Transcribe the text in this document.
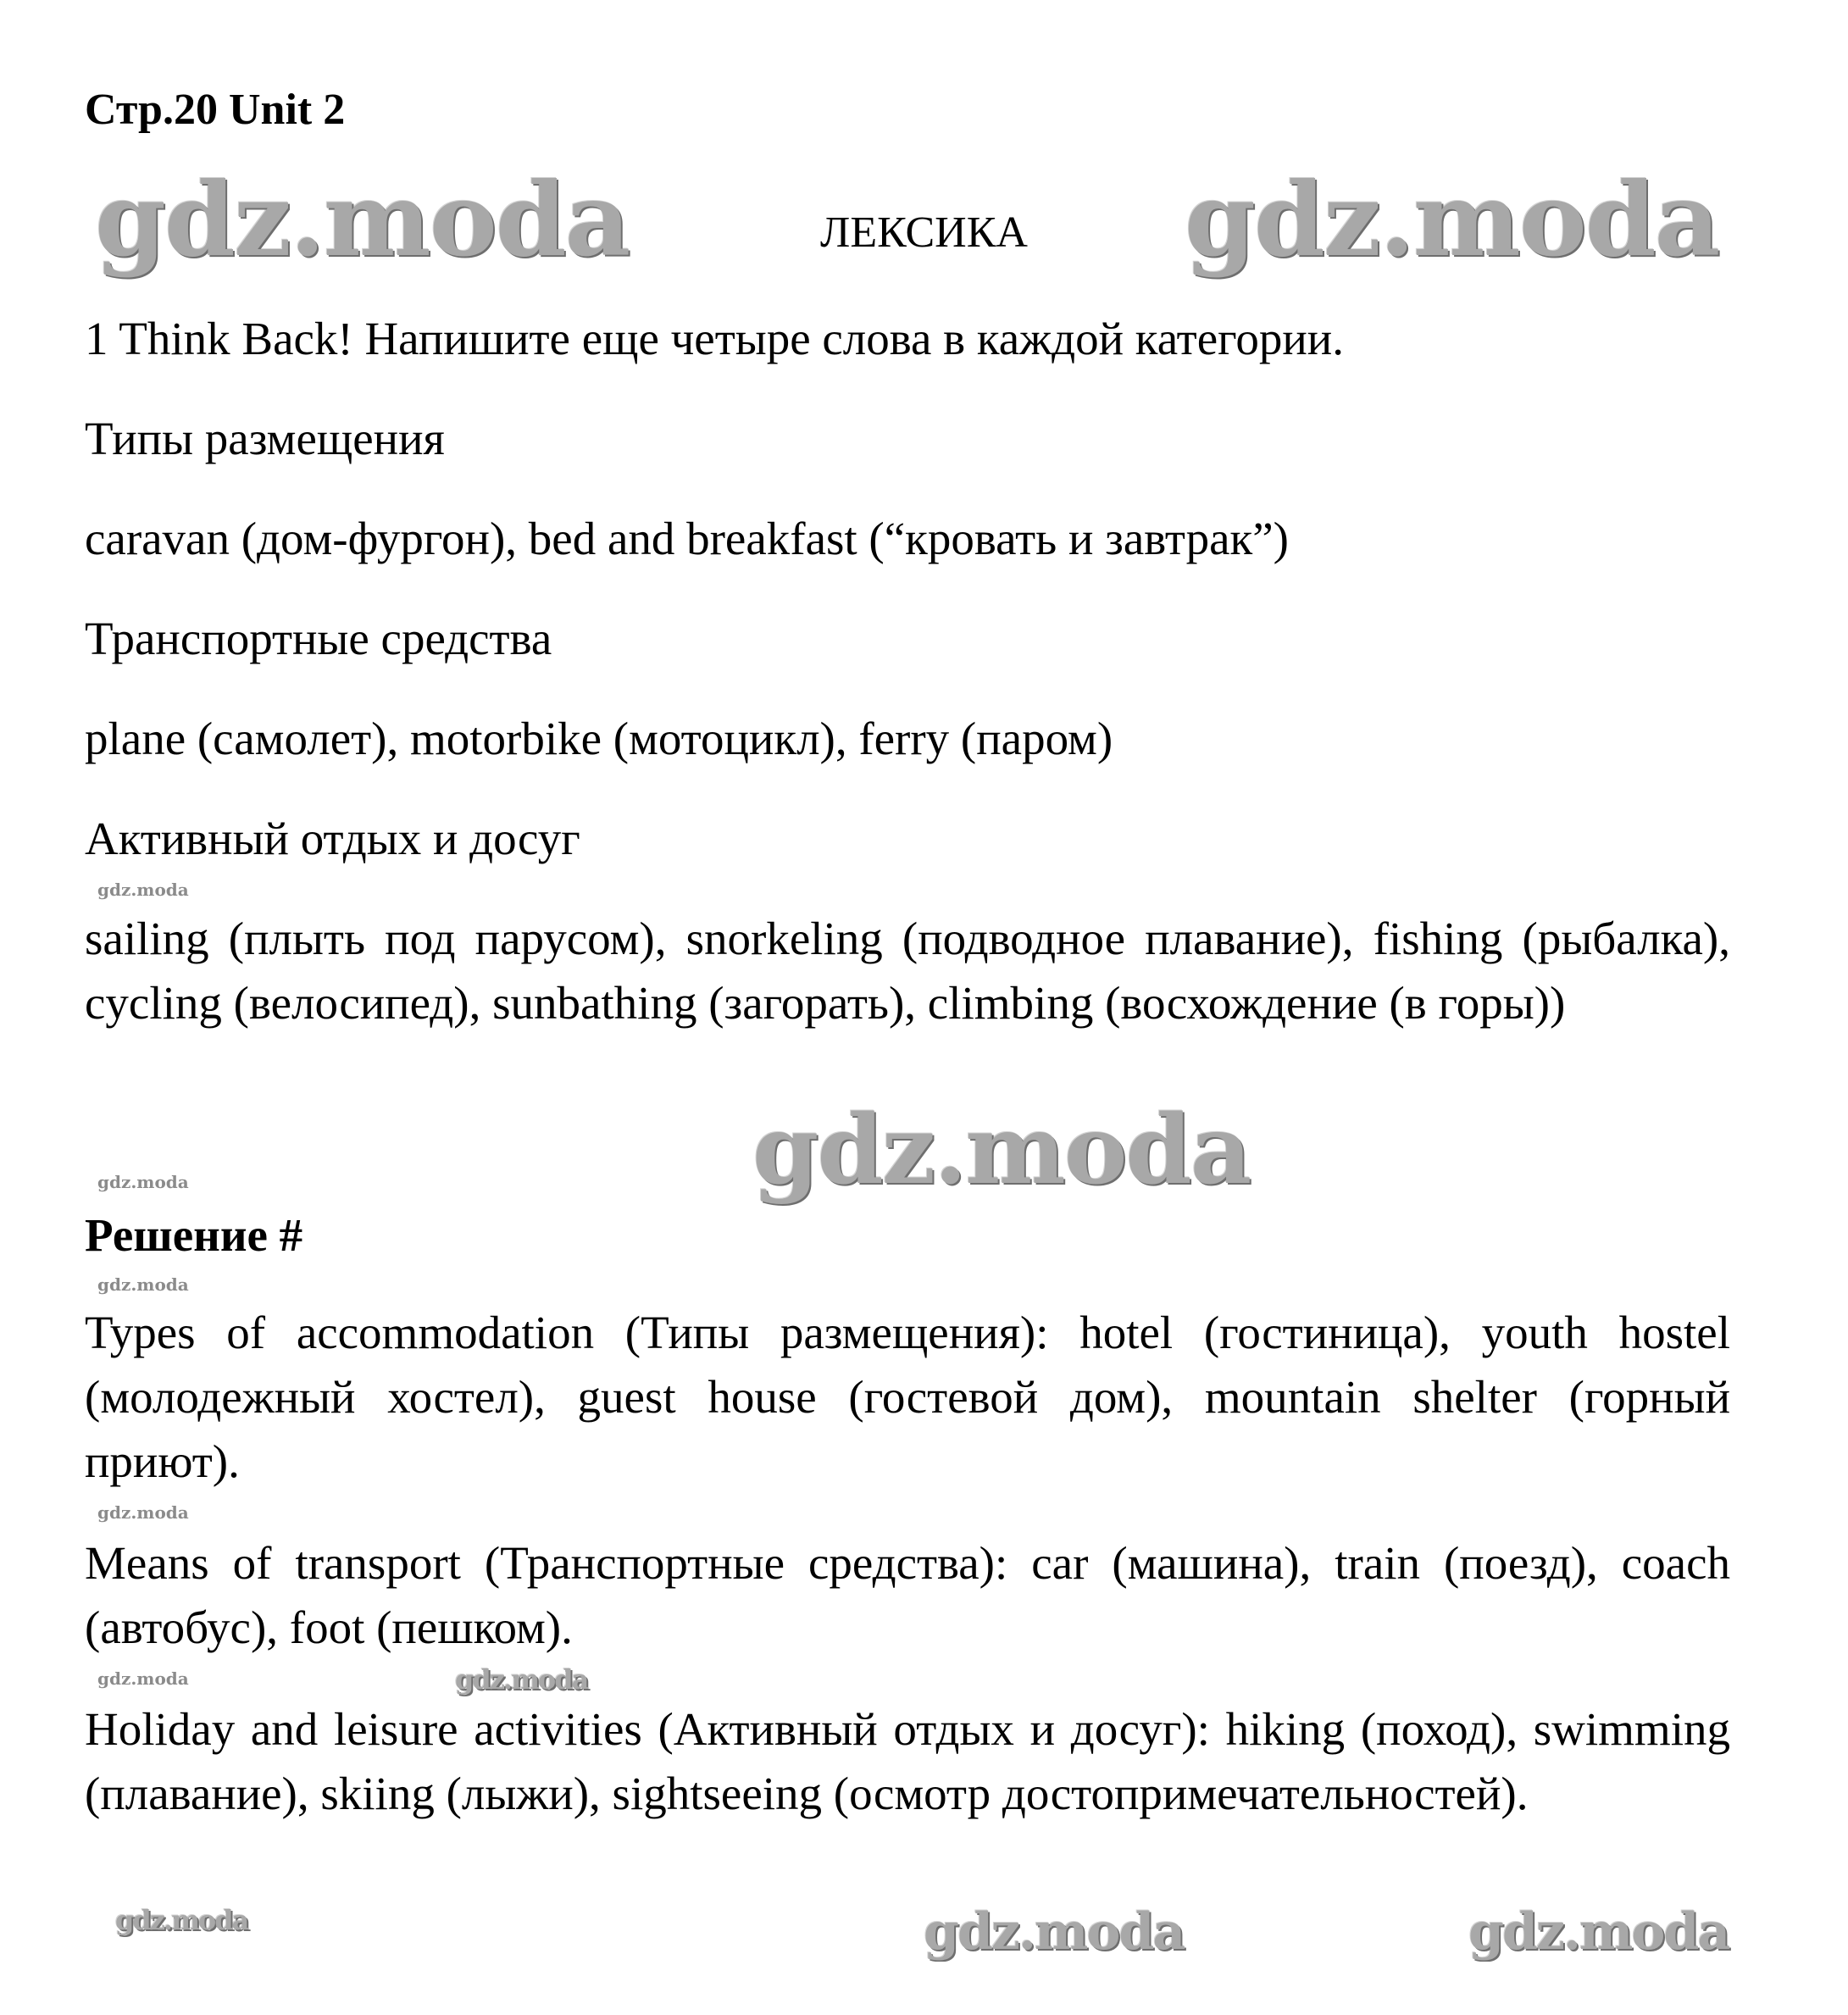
Стр.20 Unit 2
ЛЕКСИКА
1 Think Back! Напишите еще четыре слова в каждой категории.
Типы размещения
caravan (дом-фургон), bed and breakfast (“кровать и завтрак”)
Транспортные средства
plane (самолет), motorbike (мотоцикл), ferry (паром)
Активный отдых и досуг
sailing (плыть под парусом), snorkeling (подводное плавание), fishing (рыбалка), cycling (велосипед), sunbathing (загорать), climbing (восхождение (в горы))
Решение #
Types of accommodation (Типы размещения): hotel (гостиница), youth hostel (молодежный хостел), guest house (гостевой дом), mountain shelter (горный приют).
Means of transport (Транспортные средства): car (машина), train (поезд), coach (автобус), foot (пешком).
Holiday and leisure activities (Активный отдых и досуг): hiking (поход), swimming (плавание), skiing (лыжи), sightseeing (осмотр достопримечательностей).
gdz.moda	gdz.moda
gdz.moda
gdz.moda	gdz.moda
gdz.moda
gdz.moda
gdz.moda
gdz.moda
gdz.moda
gdz.moda
gdz.moda
